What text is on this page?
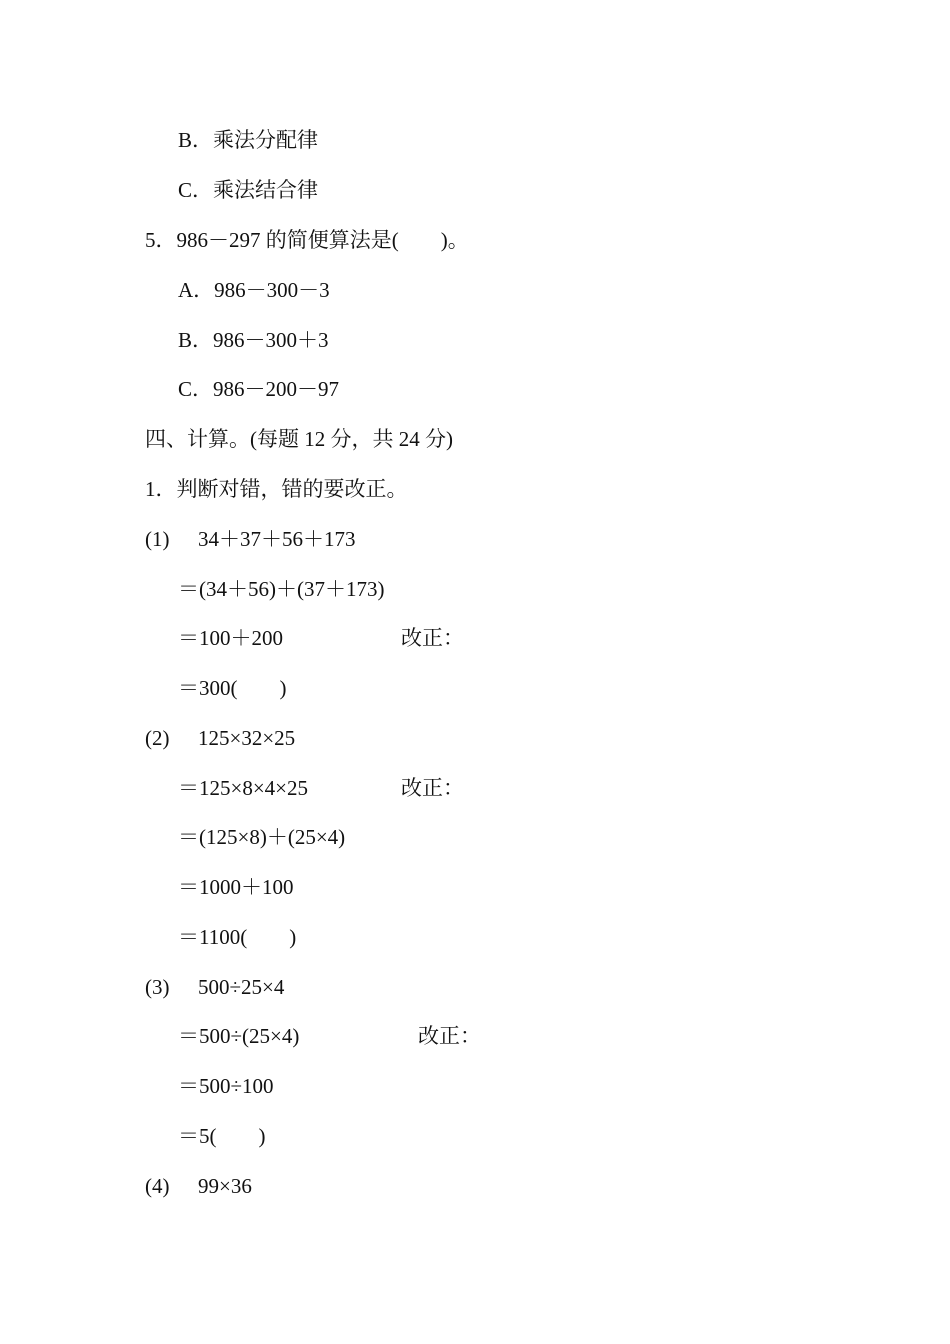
B．乘法分配律
C．乘法结合律
5．986－297 的简便算法是(　　)。
A．986－300－3
B．986－300＋3
C．986－200－97
四、计算。(每题 12 分，共 24 分)
1．判断对错，错的要改正。
(1) 34＋37＋56＋173
＝(34＋56)＋(37＋173)
＝100＋200	改正：
＝300(　　)
(2) 125×32×25
＝125×8×4×25	改正：
＝(125×8)＋(25×4)
＝1000＋100
＝1100(　　)
(3) 500÷25×4
＝500÷(25×4)	改正：
＝500÷100
＝5(　　)
(4) 99×36
